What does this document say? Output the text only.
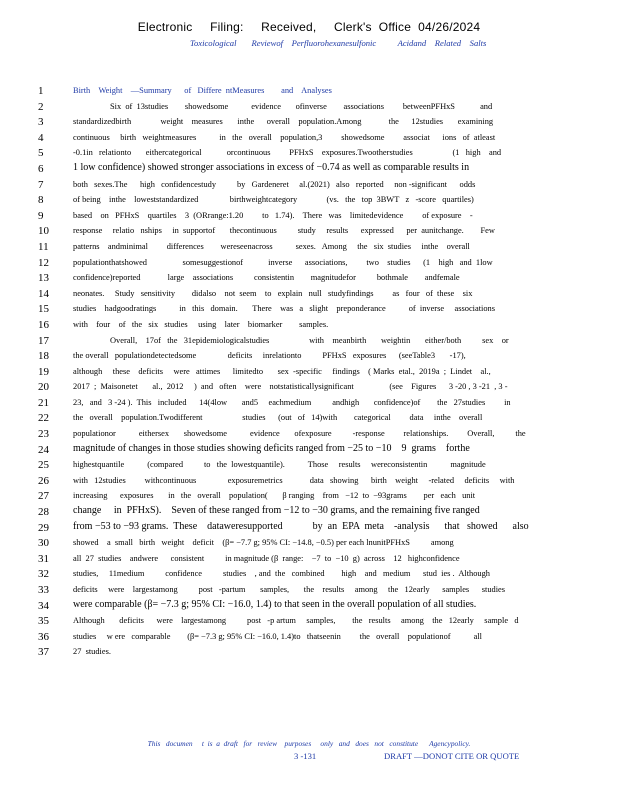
Electronic     Filing:     Received,     Clerk's  Office  04/26/2024
Toxicological       Reviewof    Perfluorohexanesulfonic          Acidand    Related    Salts
1	Birth    Weight    —Summary      of   Differe  ntMeasures        and    Analyses
2	Six  of  13studies        showedsome           evidence       ofinverse        associations         betweenPFHxS            and
3	standardizedbirth              weight    measures       inthe      overall    population.Among             the      12studies       examining
4	continuous     birth   weightmeasures           in   the   overall    population,3         showedsome         associat      ions   of  atleast
5	-0.1in   relationto       eithercategorical            orcontinuous         PFHxS    exposures.Twootherstudies                   (1   high    and
6	1 low confidence) showed stronger associations in excess of −0.74 as well as comparable results in
7	both   sexes.The      high   confidencestudy          by   Gardeneret     al.(2021)   also   reported     non -significant      odds
8	of being    inthe    loweststandardized               birthweightcategory              (vs.   the   top  3BWT   z   -score   quartiles)
9	based    on   PFHxS    quartiles    3  (ORrange:1.20         to   1.74).    There   was    limitedevidence         of exposure    -
10	response     relatio   nships     in  supportof       thecontinuous          study     results      expressed      per  aunitchange.        Few
11	patterns    andminimal         differences        wereseenacross           sexes.   Among     the   six  studies     inthe    overall
12	populationthatshowed                 somesuggestionof            inverse      associations,         two    studies      (1    high   and  1low
13	confidence)reported             large    associations          consistentin        magnitudefor          bothmale        andfemale
14	neonates.     Study   sensitivity        didalso    not  seem    to   explain   null   studyfindings         as   four   of  these    six
15	studies    hadgoodratings           in   this   domain.       There    was   a   slight    preponderance           of  inverse     associations
16	with    four    of   the   six   studies     using    later    biomarker        samples.
17	Overall,    17of   the   31epidemiologicalstudies                   with    meanbirth       weightin       either/both          sex    or
18	the overall   populationdetectedsome               deficits     inrelationto          PFHxS   exposures      (seeTable3       -17),
19	although     these    deficits     were   attimes      limitedto       sex  -specific     findings    ( Marks  etal.,  2019a  ;  Lindet    al.,
20	2017  ;  Maisonetet       al.,  2012     )  and   often    were    notstatisticallysignificant                 (see    Figures      3 -20 , 3 -21  , 3 -
21	23,   and   3 -24 ).  This   included      14(4low       and5     eachmedium          andhigh       confidence)of        the   27studies         in
22	the   overall    population.Twodifferent                   studies      (out   of   14)with        categorical         data     inthe    overall
23	populationor           eithersex       showedsome           evidence       ofexposure          -response         relationships.         Overall,          the
24	magnitude of changes in those studies showing deficits ranged from −25 to −10    9  grams    forthe
25	highestquantile           (compared          to   the  lowestquantile).           Those     results     wereconsistentin           magnitude
26	with   12studies         withcontinuous               exposuremetrics             data   showing      birth    weight     -related     deficits     with
27	increasing      exposures       in   the   overall    population(       β ranging    from   −12  to  −93grams        per   each   unit
28	change     in  PFHxS).    Seven of these ranged from −12 to −30 grams, and the remaining five ranged
29	from −53 to −93 grams.  These    dataweresupported            by  an  EPA  meta    -analysis      that   showed      also
30	showed    a  small   birth   weight    deficit    (β= −7.7 g; 95% CI: −14.8, −0.5) per each lnunitPFHxS          among
31	all  27  studies    andwere      consistent          in magnitude (β  range:    −7  to  −10  g)  across    12   highconfidence
32	studies,     11medium          confidence          studies    , and  the   combined        high    and   medium      stud  ies .  Although
33	deficits     were    largestamong          post   -partum       samples,       the    results     among     the   12early      samples      studies
34	were comparable (β= −7.3 g; 95% CI: −16.0, 1.4) to that seen in the overall population of all studies.
35	Although       deficits      were    largestamong          post   -p artum     samples,        the   results     among    the   12early     sample   d
36	studies     w ere   comparable        (β= −7.3 g; 95% CI: −16.0, 1.4)to   thatseenin         the   overall    populationof           all
37	27  studies.
This   documen     t  is  a  draft   for   review    purposes     only   and   does   not   constitute      Agencypolicy.
3 -131	DRAFT —DONOT CITE OR QUOTE
